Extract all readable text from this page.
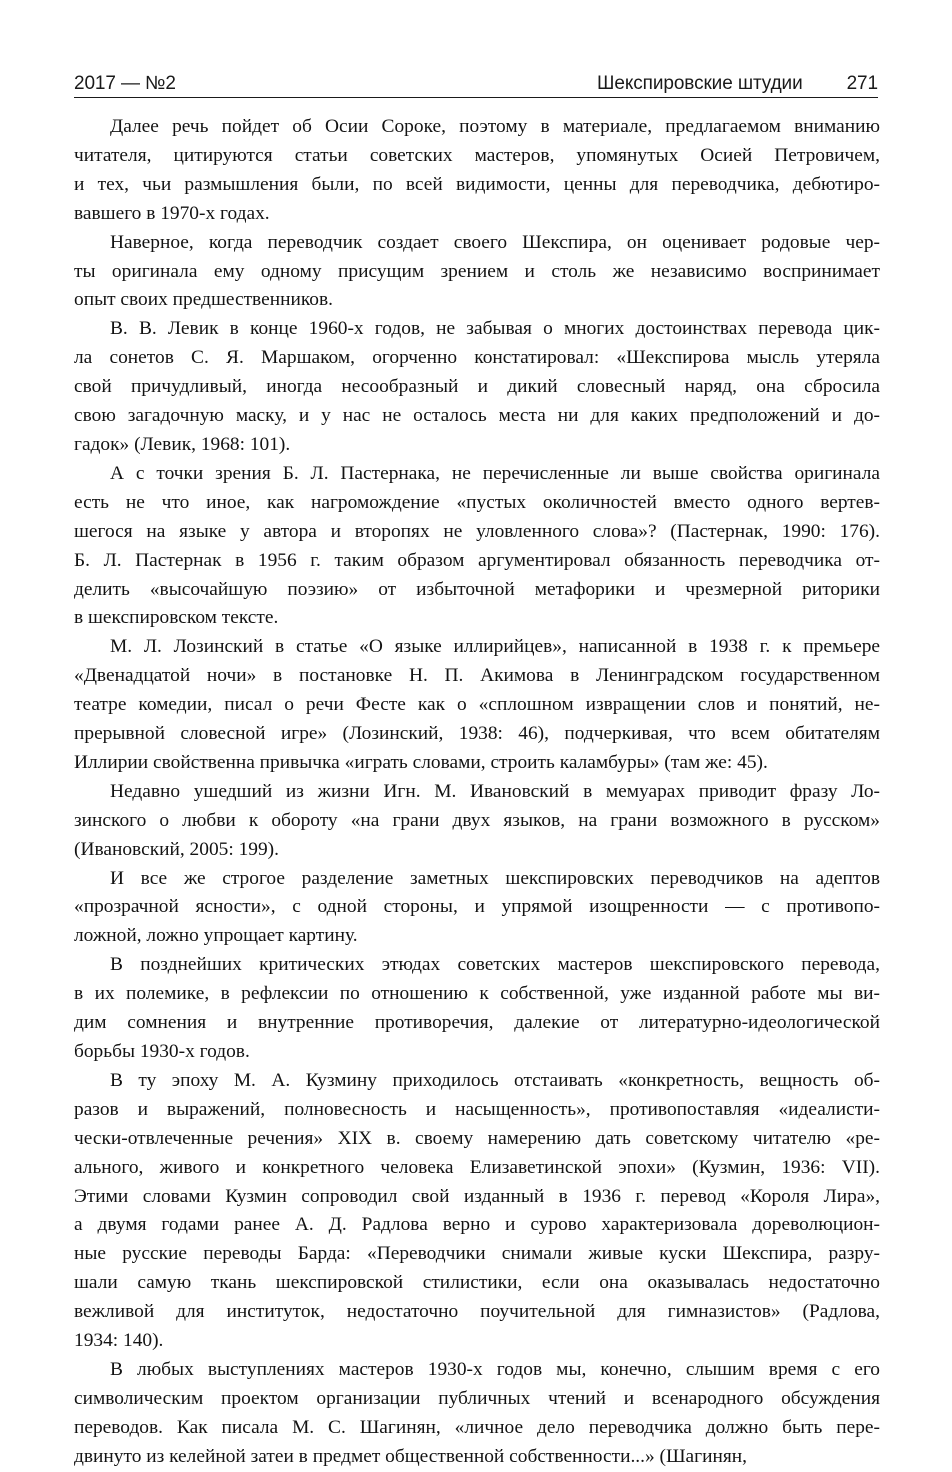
2017 — №2	Шекспировские штудии 271

Далее речь пойдет об Осии Сороке, поэтому в материале, предлагаемом вниманию
читателя, цитируются статьи советских мастеров, упомянутых Осией Петровичем,
и тех, чьи размышления были, по всей видимости, ценны для переводчика, дебютиро-
вавшего в 1970-х годах.

Наверное, когда переводчик создает своего Шекспира, он оценивает родовые чер-
ты оригинала ему одному присущим зрением и столь же независимо воспринимает
опыт своих предшественников.

В. В. Левик в конце 1960-х годов, не забывая о многих достоинствах перевода цик-
ла сонетов С. Я. Маршаком, огорченно констатировал: «Шекспирова мысль утеряла
свой причудливый, иногда несообразный и дикий словесный наряд, она сбросила
свою загадочную маску, и у нас не осталось места ни для каких предположений и до-
гадок» (Левик, 1968: 101).

А с точки зрения Б. Л. Пастернака, не перечисленные ли выше свойства оригинала
есть не что иное, как нагромождение «пустых околичностей вместо одного вертев-
шегося на языке у автора и второпях не уловленного слова»? (Пастернак, 1990: 176).
Б. Л. Пастернак в 1956 г. таким образом аргументировал обязанность переводчика от-
делить «высочайшую поэзию» от избыточной метафорики и чрезмерной риторики
в шекспировском тексте.

М. Л. Лозинский в статье «О языке иллирийцев», написанной в 1938 г. к премьере
«Двенадцатой ночи» в постановке Н. П. Акимова в Ленинградском государственном
театре комедии, писал о речи Фесте как о «сплошном извращении слов и понятий, не-
прерывной словесной игре» (Лозинский, 1938: 46), подчеркивая, что всем обитателям
Иллирии свойственна привычка «играть словами, строить каламбуры» (там же: 45).

Недавно ушедший из жизни Игн. М. Ивановский в мемуарах приводит фразу Ло-
зинского о любви к обороту «на грани двух языков, на грани возможного в русском»
(Ивановский, 2005: 199).

И все же строгое разделение заметных шекспировских переводчиков на адептов
«прозрачной ясности», с одной стороны, и упрямой изощренности — с противопо-
ложной, ложно упрощает картину.

В позднейших критических этюдах советских мастеров шекспировского перевода,
в их полемике, в рефлексии по отношению к собственной, уже изданной работе мы ви-
дим сомнения и внутренние противоречия, далекие от литературно-идеологической
борьбы 1930-х годов.

В ту эпоху М. А. Кузмину приходилось отстаивать «конкретность, вещность об-
разов и выражений, полновесность и насыщенность», противопоставляя «идеалисти-
чески-отвлеченные речения» XIX в. своему намерению дать советскому читателю «ре-
ального, живого и конкретного человека Елизаветинской эпохи» (Кузмин, 1936: VII).
Этими словами Кузмин сопроводил свой изданный в 1936 г. перевод «Короля Лира»,
а двумя годами ранее А. Д. Радлова верно и сурово характеризовала дореволюцион-
ные русские переводы Барда: «Переводчики снимали живые куски Шекспира, разру-
шали самую ткань шекспировской стилистики, если она оказывалась недостаточно
вежливой для институток, недостаточно поучительной для гимназистов» (Радлова,
1934: 140).

В любых выступлениях мастеров 1930-х годов мы, конечно, слышим время с его
символическим проектом организации публичных чтений и всенародного обсуждения
переводов. Как писала М. С. Шагинян, «личное дело переводчика должно быть пере-
двинуто из келейной затеи в предмет общественной собственности...» (Шагинян,
